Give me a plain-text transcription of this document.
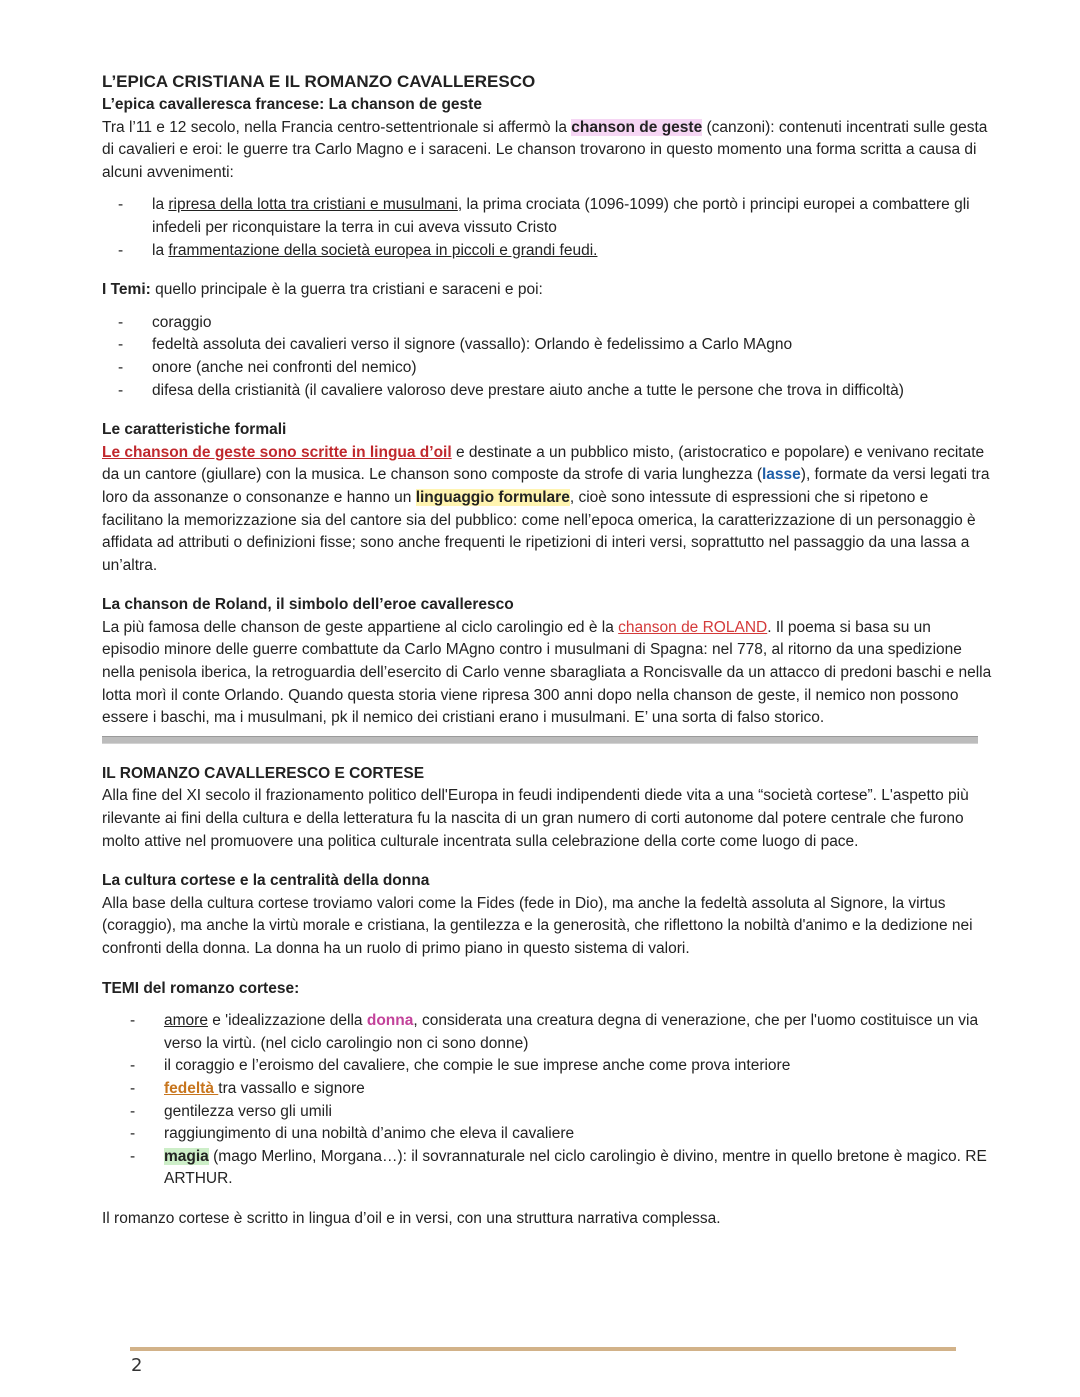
L’EPICA CRISTIANA E IL ROMANZO CAVALLERESCO

L’epica cavalleresca francese: La chanson de geste

Tra l’11 e 12 secolo, nella Francia centro-settentrionale si affermò la chanson de geste (canzoni): contenuti incentrati sulle gesta di cavalieri e eroi: le guerre tra Carlo Magno e i saraceni. Le chanson trovarono in questo momento una forma scritta a causa di alcuni avvenimenti:

- la ripresa della lotta tra cristiani e musulmani, la prima crociata (1096-1099) che portò i principi europei a combattere gli infedeli per riconquistare la terra in cui aveva vissuto Cristo
- la frammentazione della società europea in piccoli e grandi feudi.

I Temi: quello principale è la guerra tra cristiani e saraceni e poi:

- coraggio
- fedeltà assoluta dei cavalieri verso il signore (vassallo): Orlando è fedelissimo a Carlo MAgno
- onore (anche nei confronti del nemico)
- difesa della cristianità (il cavaliere valoroso deve prestare aiuto anche a tutte le persone che trova in difficoltà)

Le caratteristiche formali

Le chanson de geste sono scritte in lingua d’oil e destinate a un pubblico misto, (aristocratico e popolare) e venivano recitate da un cantore (giullare) con la musica. Le chanson sono composte da strofe di varia lunghezza (lasse), formate da versi legati tra loro da assonanze o consonanze e hanno un linguaggio formulare, cioè sono intessute di espressioni che si ripetono e facilitano la memorizzazione sia del cantore sia del pubblico: come nell’epoca omerica, la caratterizzazione di un personaggio è affidata ad attributi o definizioni fisse; sono anche frequenti le ripetizioni di interi versi, soprattutto nel passaggio da una lassa a un’altra.

La chanson de Roland, il simbolo dell’eroe cavalleresco

La più famosa delle chanson de geste appartiene al ciclo carolingio ed è la chanson de ROLAND. Il poema si basa su un episodio minore delle guerre combattute da Carlo MAgno contro i musulmani di Spagna: nel 778, al ritorno da una spedizione nella penisola iberica, la retroguardia dell’esercito di Carlo venne sbaragliata a Roncisvalle da un attacco di predoni baschi e nella lotta morì il conte Orlando. Quando questa storia viene ripresa 300 anni dopo nella chanson de geste, il nemico non possono essere i baschi, ma i musulmani, pk il nemico dei cristiani erano i musulmani. E’ una sorta di falso storico.

IL ROMANZO CAVALLERESCO E CORTESE

Alla fine del XI secolo il frazionamento politico dell'Europa in feudi indipendenti diede vita a una “società cortese”. L'aspetto più rilevante ai fini della cultura e della letteratura fu la nascita di un gran numero di corti autonome dal potere centrale che furono molto attive nel promuovere una politica culturale incentrata sulla celebrazione della corte come luogo di pace.

La cultura cortese e la centralità della donna

Alla base della cultura cortese troviamo valori come la Fides (fede in Dio), ma anche la fedeltà assoluta al Signore, la virtus (coraggio), ma anche la virtù morale e cristiana, la gentilezza e la generosità, che riflettono la nobiltà d'animo e la dedizione nei confronti della donna. La donna ha un ruolo di primo piano in questo sistema di valori.

TEMI del romanzo cortese:

- amore e 'idealizzazione della donna, considerata una creatura degna di venerazione, che per l'uomo costituisce un via verso la virtù. (nel ciclo carolingio non ci sono donne)
- il coraggio e l’eroismo del cavaliere, che compie le sue imprese anche come prova interiore
- fedeltà tra vassallo e signore
- gentilezza verso gli umili
- raggiungimento di una nobiltà d’animo che eleva il cavaliere
- magia (mago Merlino, Morgana…): il sovrannaturale nel ciclo carolingio è divino, mentre in quello bretone è magico. RE ARTHUR.

Il romanzo cortese è scritto in lingua d’oil e in versi, con una struttura narrativa complessa.

2
